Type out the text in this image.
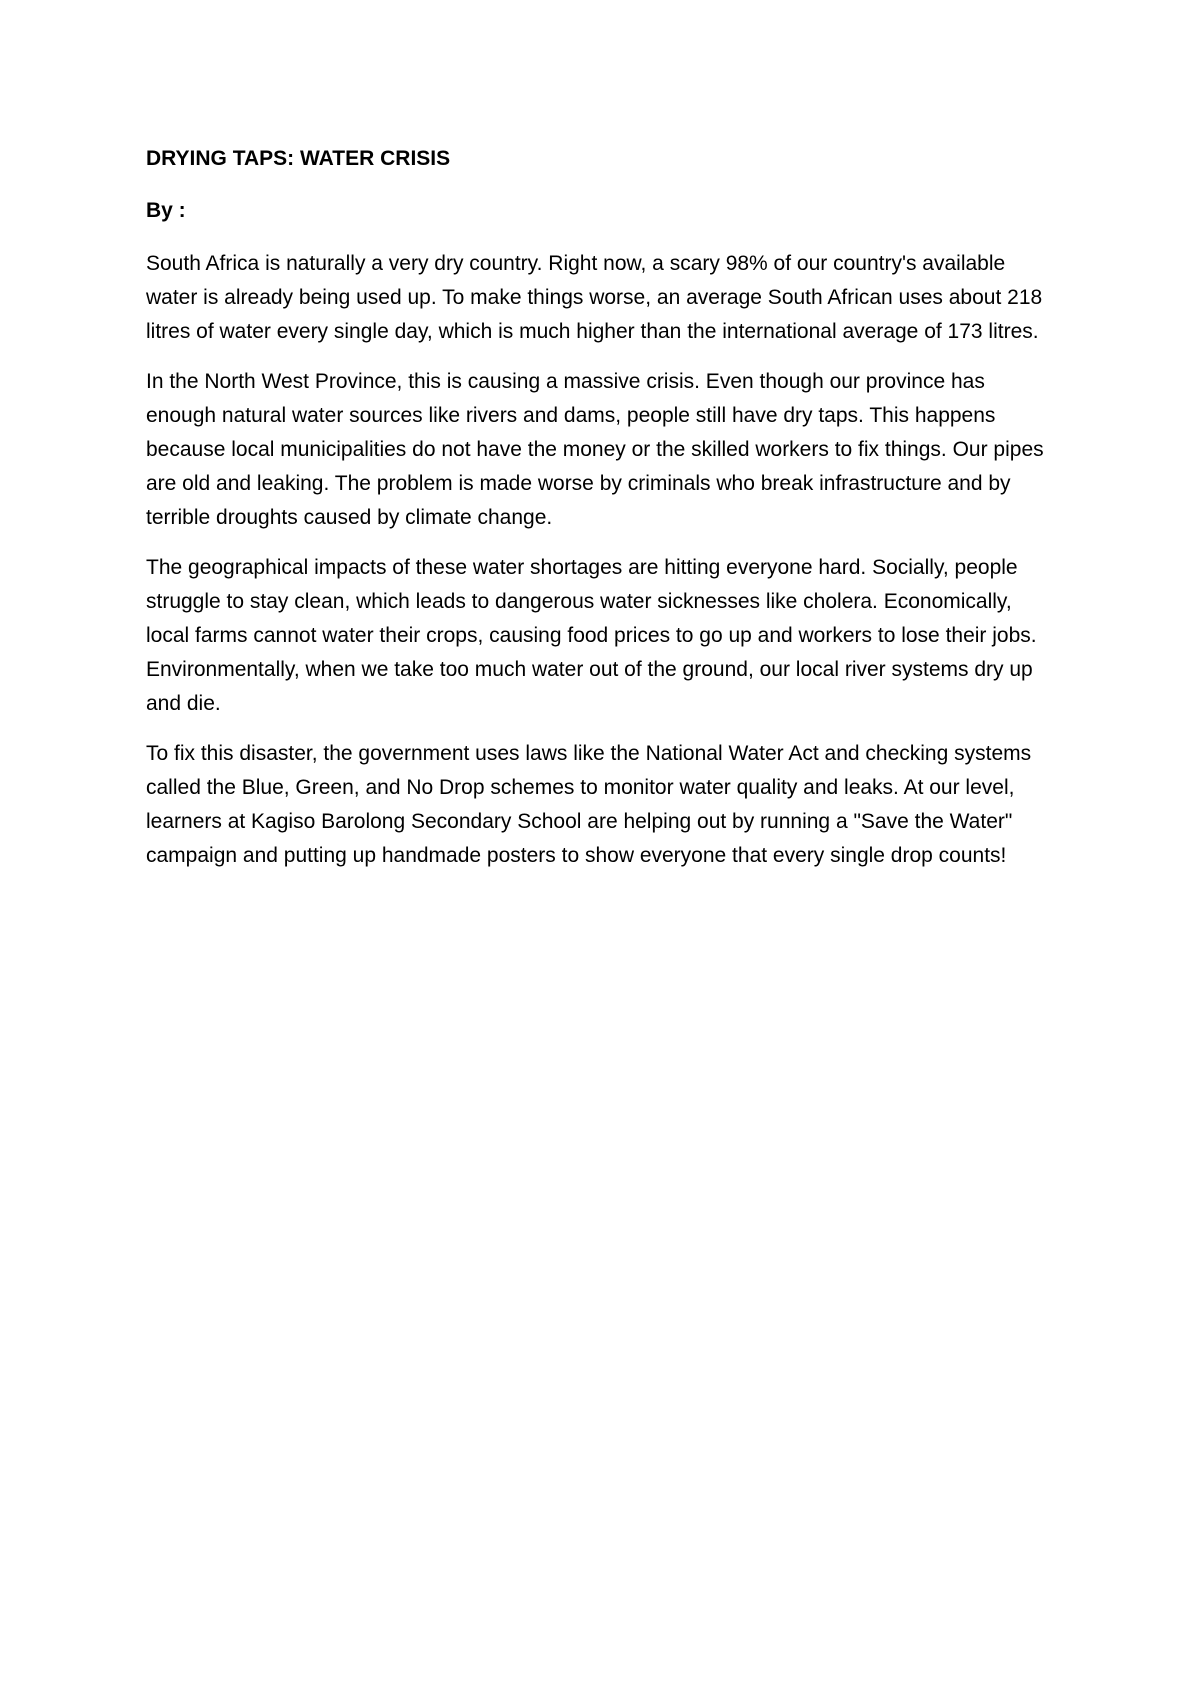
DRYING TAPS: WATER CRISIS
By :

South Africa is naturally a very dry country. Right now, a scary 98% of our country's available water is already being used up. To make things worse, an average South African uses about 218 litres of water every single day, which is much higher than the international average of 173 litres.

In the North West Province, this is causing a massive crisis. Even though our province has enough natural water sources like rivers and dams, people still have dry taps. This happens because local municipalities do not have the money or the skilled workers to fix things. Our pipes are old and leaking. The problem is made worse by criminals who break infrastructure and by terrible droughts caused by climate change.

The geographical impacts of these water shortages are hitting everyone hard. Socially, people struggle to stay clean, which leads to dangerous water sicknesses like cholera. Economically, local farms cannot water their crops, causing food prices to go up and workers to lose their jobs. Environmentally, when we take too much water out of the ground, our local river systems dry up and die.

To fix this disaster, the government uses laws like the National Water Act and checking systems called the Blue, Green, and No Drop schemes to monitor water quality and leaks. At our level, learners at Kagiso Barolong Secondary School are helping out by running a "Save the Water" campaign and putting up handmade posters to show everyone that every single drop counts!
